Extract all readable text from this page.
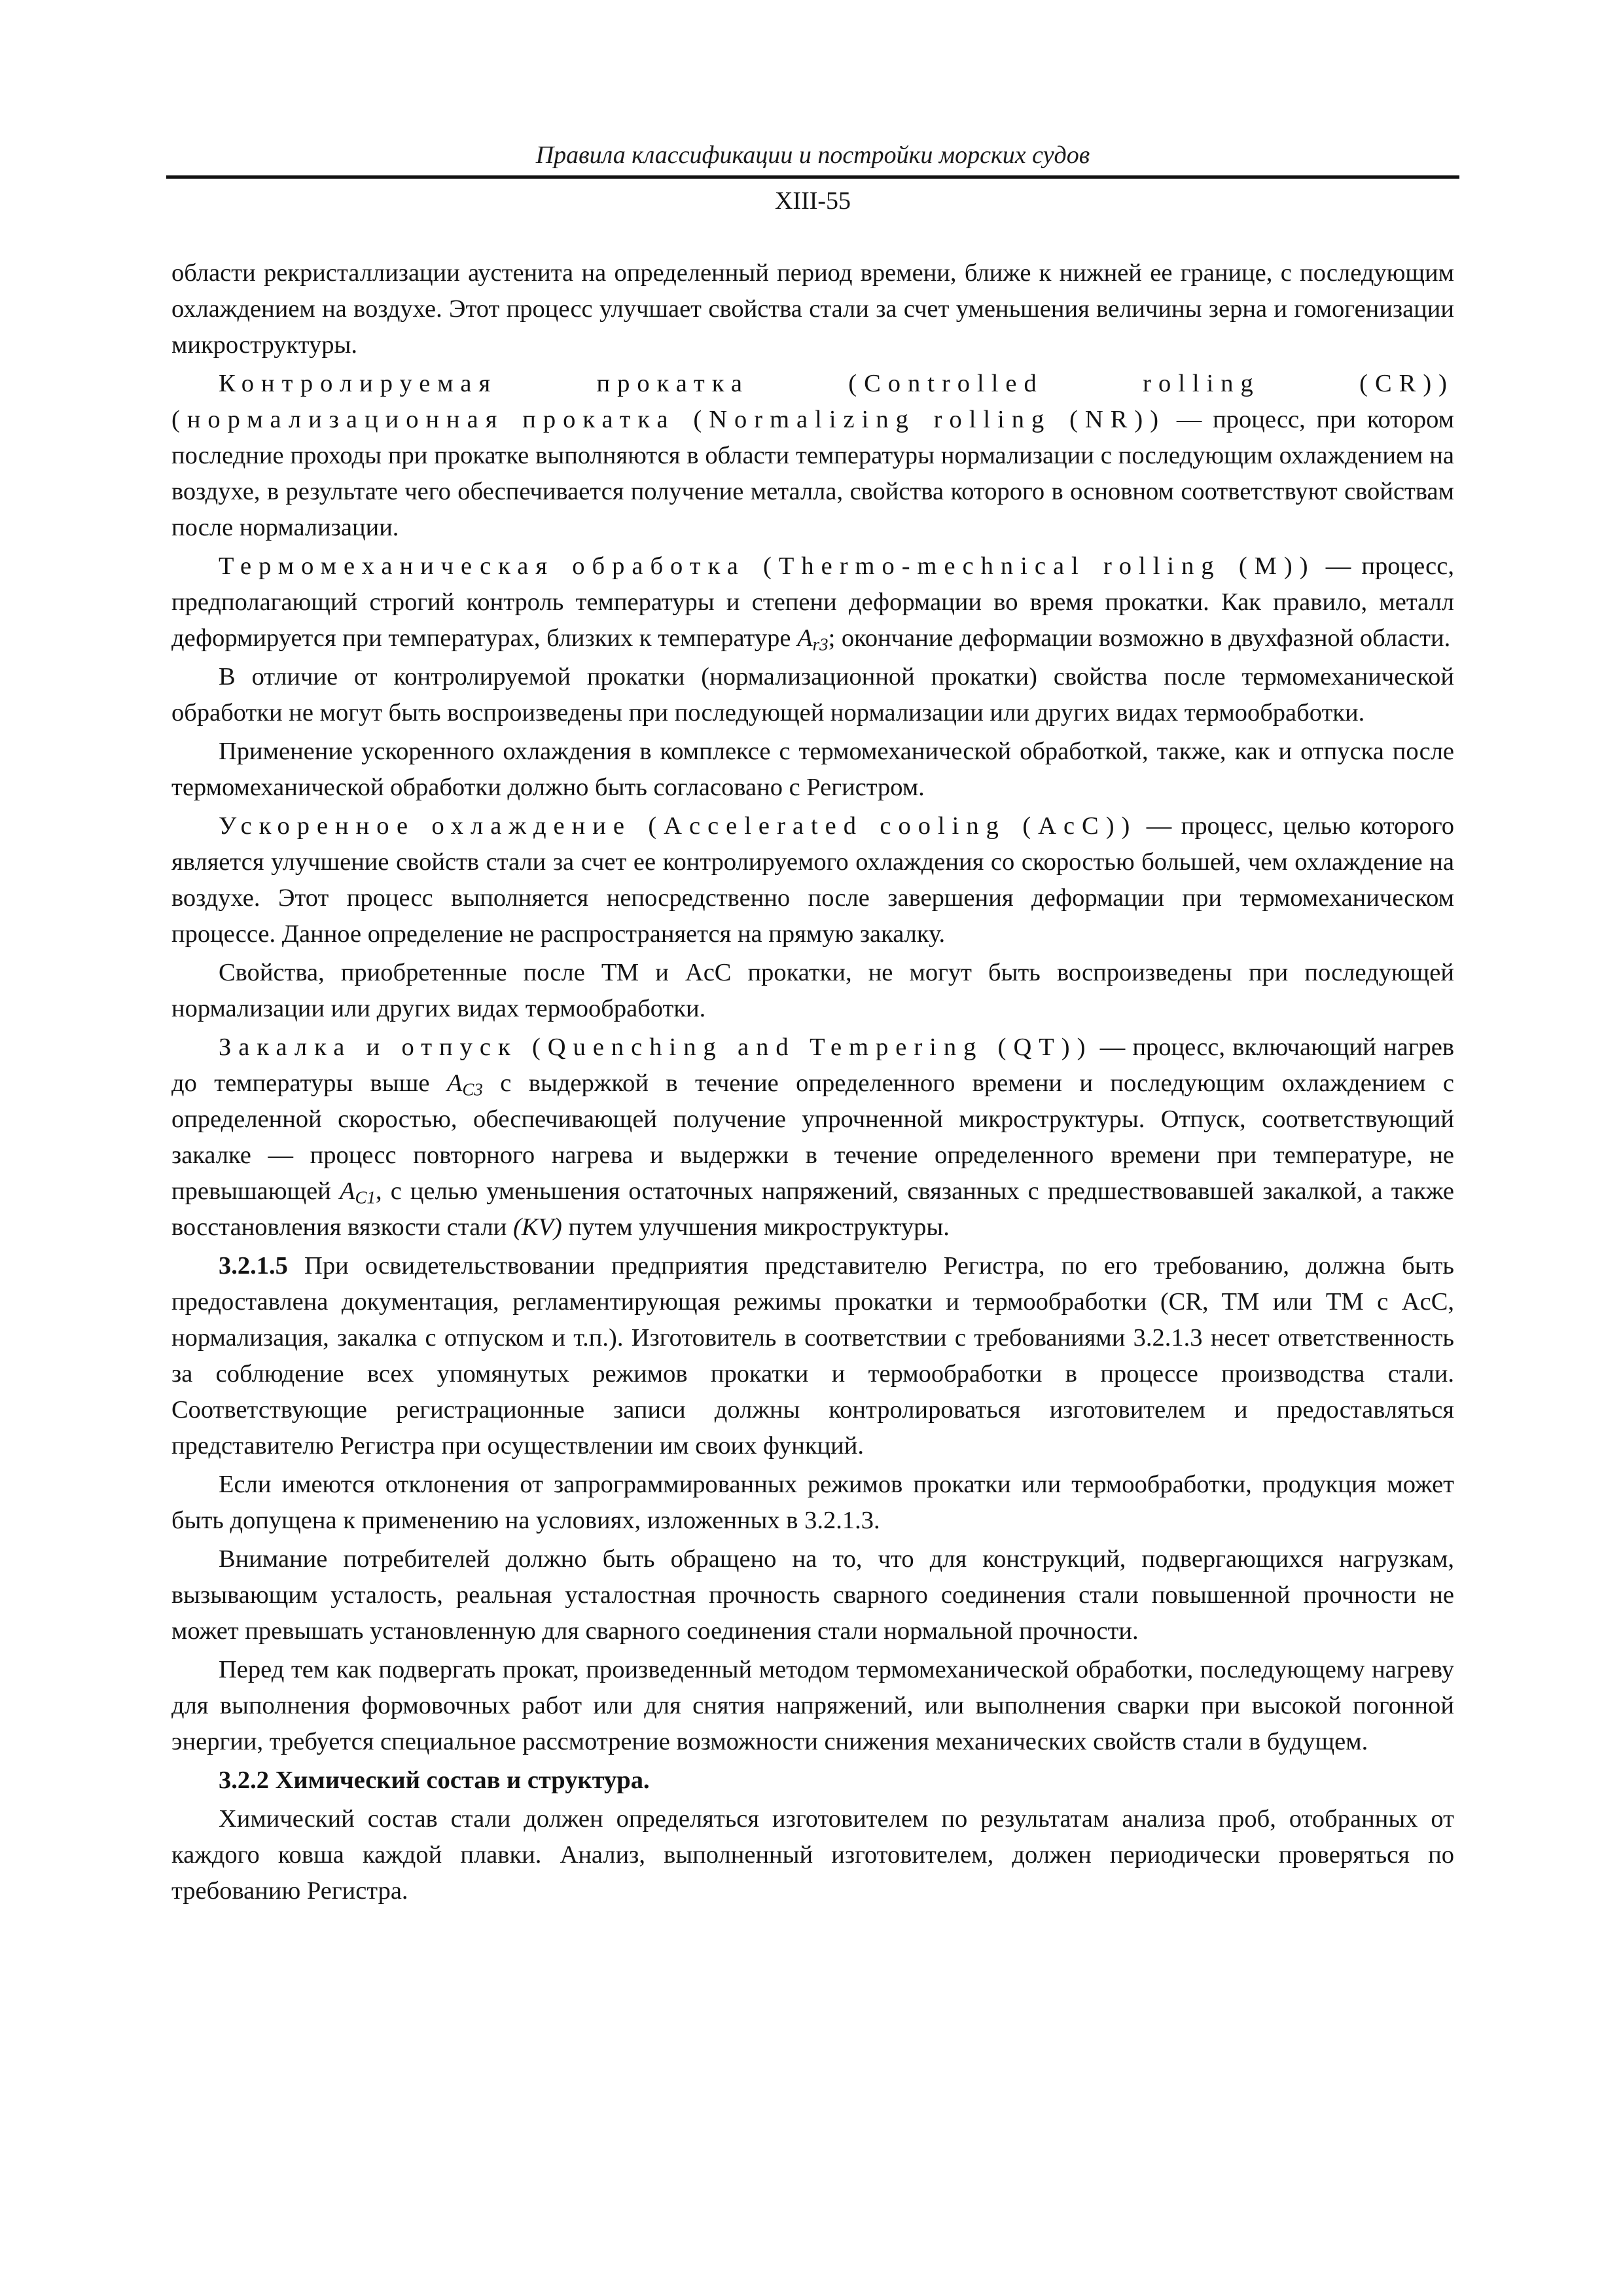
Правила классификации и постройки морских судов
XIII-55

области рекристаллизации аустенита на определенный период времени, ближе к нижней ее границе, с последующим охлаждением на воздухе. Этот процесс улучшает свойства стали за счет уменьшения величины зерна и гомогенизации микроструктуры.

Контролируемая прокатка (Controlled rolling (CR)) (нормализационная прокатка (Normalizing rolling (NR)) — процесс, при котором последние проходы при прокатке выполняются в области температуры нормализации с последующим охлаждением на воздухе, в результате чего обеспечивается получение металла, свойства которого в основном соответствуют свойствам после нормализации.

Термомеханическая обработка (Thermo-mechnical rolling (M)) — процесс, предполагающий строгий контроль температуры и степени деформации во время прокатки. Как правило, металл деформируется при температурах, близких к температуре $A_{r3}$; окончание деформации возможно в двухфазной области.

В отличие от контролируемой прокатки (нормализационной прокатки) свойства после термомеханической обработки не могут быть воспроизведены при последующей нормализации или других видах термообработки.

Применение ускоренного охлаждения в комплексе с термомеханической обработкой, также, как и отпуска после термомеханической обработки должно быть согласовано с Регистром.

Ускоренное охлаждение (Accelerated cooling (AcC)) — процесс, целью которого является улучшение свойств стали за счет ее контролируемого охлаждения со скоростью большей, чем охлаждение на воздухе. Этот процесс выполняется непосредственно после завершения деформации при термомеханическом процессе. Данное определение не распространяется на прямую закалку.

Свойства, приобретенные после ТМ и AcC прокатки, не могут быть воспроизведены при последующей нормализации или других видах термообработки.

Закалка и отпуск (Quenching and Tempering (QT)) — процесс, включающий нагрев до температуры выше $A_{C3}$ с выдержкой в течение определенного времени и последующим охлаждением с определенной скоростью, обеспечивающей получение упрочненной микроструктуры. Отпуск, соответствующий закалке — процесс повторного нагрева и выдержки в течение определенного времени при температуре, не превышающей $A_{C1}$, с целью уменьшения остаточных напряжений, связанных с предшествовавшей закалкой, а также восстановления вязкости стали (KV) путем улучшения микроструктуры.

3.2.1.5 При освидетельствовании предприятия представителю Регистра, по его требованию, должна быть предоставлена документация, регламентирующая режимы прокатки и термообработки (CR, TM или TM с AcC, нормализация, закалка с отпуском и т.п.). Изготовитель в соответствии с требованиями 3.2.1.3 несет ответственность за соблюдение всех упомянутых режимов прокатки и термообработки в процессе производства стали. Соответствующие регистрационные записи должны контролироваться изготовителем и предоставляться представителю Регистра при осуществлении им своих функций.

Если имеются отклонения от запрограммированных режимов прокатки или термообработки, продукция может быть допущена к применению на условиях, изложенных в 3.2.1.3.

Внимание потребителей должно быть обращено на то, что для конструкций, подвергающихся нагрузкам, вызывающим усталость, реальная усталостная прочность сварного соединения стали повышенной прочности не может превышать установленную для сварного соединения стали нормальной прочности.

Перед тем как подвергать прокат, произведенный методом термомеханической обработки, последующему нагреву для выполнения формовочных работ или для снятия напряжений, или выполнения сварки при высокой погонной энергии, требуется специальное рассмотрение возможности снижения механических свойств стали в будущем.

3.2.2 Химический состав и структура.

Химический состав стали должен определяться изготовителем по результатам анализа проб, отобранных от каждого ковша каждой плавки. Анализ, выполненный изготовителем, должен периодически проверяться по требованию Регистра.
